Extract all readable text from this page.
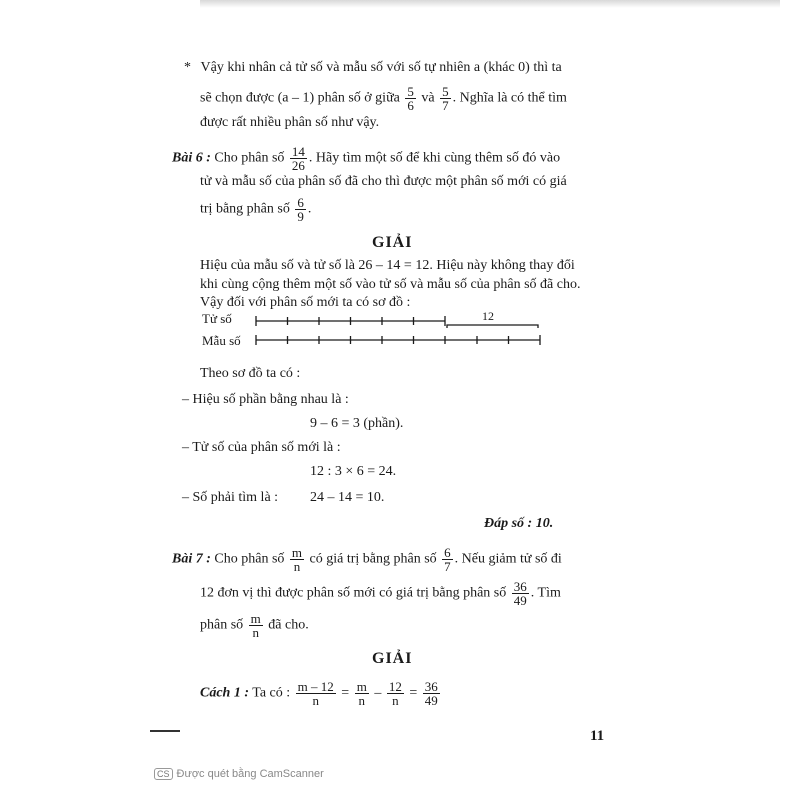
* Vậy khi nhân cả tử số và mẫu số với số tự nhiên a (khác 0) thì ta
sẽ chọn được (a – 1) phân số ở giữa $\frac{5}{6}$ và $\frac{5}{7}$ . Nghĩa là có thể tìm
được rất nhiều phân số như vậy.
Bài 6 : Cho phân số $\frac{14}{26}$ . Hãy tìm một số để khi cùng thêm số đó vào
tử và mẫu số của phân số đã cho thì được một phân số mới có giá
trị bằng phân số $\frac{6}{9}$ .
GIẢI
Hiệu của mẫu số và tử số là 26 – 14 = 12. Hiệu này không thay đổi
khi cùng cộng thêm một số vào tử số và mẫu số của phân số đã cho.
Vậy đối với phân số mới ta có sơ đồ :
Tử số
Mẫu số
12
Theo sơ đồ ta có :
– Hiệu số phần bằng nhau là :
9 – 6 = 3 (phần).
– Tử số của phân số mới là :
12 : 3 × 6 = 24.
– Số phải tìm là : 24 – 14 = 10.
Đáp số : 10.
Bài 7 : Cho phân số $\frac{m}{n}$ có giá trị bằng phân số $\frac{6}{7}$ . Nếu giảm tử số đi
12 đơn vị thì được phân số mới có giá trị bằng phân số $\frac{36}{49}$ . Tìm
phân số $\frac{m}{n}$ đã cho.
GIẢI
Cách 1 : Ta có : $\frac{m - 12}{n} = \frac{m}{n} - \frac{12}{n} = \frac{36}{49}$
11
CS Được quét bằng CamScanner
